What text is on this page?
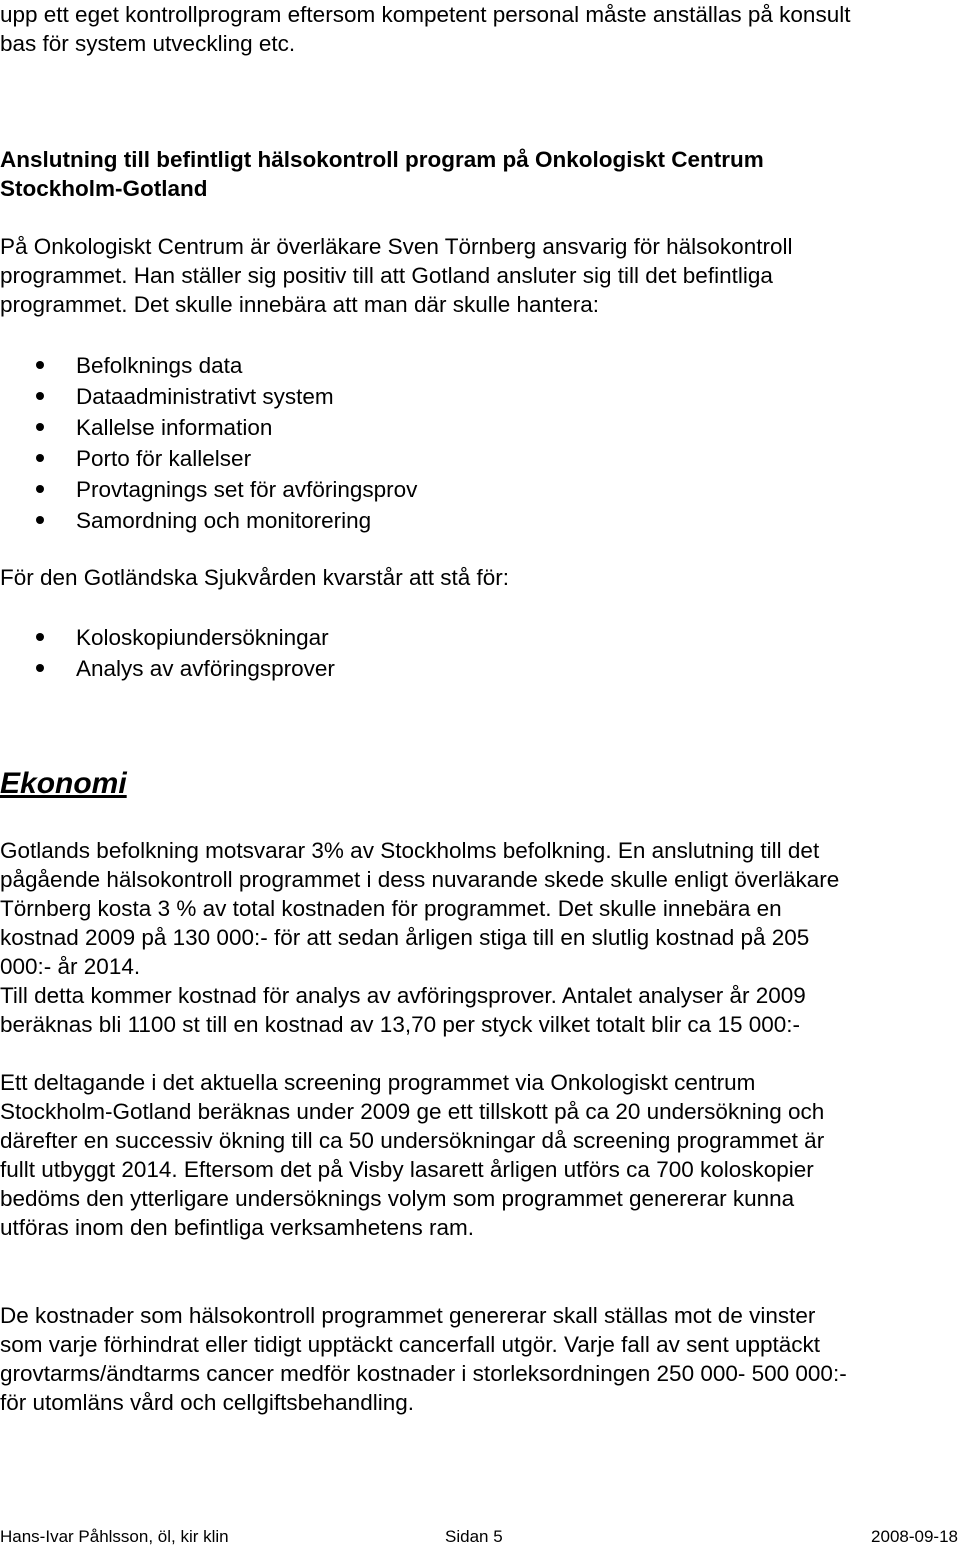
upp ett eget kontrollprogram eftersom kompetent personal måste anställas på konsult
bas för system utveckling etc.
Anslutning till befintligt hälsokontroll program på Onkologiskt Centrum
Stockholm-Gotland
På Onkologiskt Centrum är överläkare Sven Törnberg ansvarig för hälsokontroll
programmet. Han ställer sig positiv till att Gotland ansluter sig till det befintliga
programmet. Det skulle innebära att man där skulle hantera:
Befolknings data
Dataadministrativt system
Kallelse information
Porto för kallelser
Provtagnings set för avföringsprov
Samordning och monitorering
För den Gotländska Sjukvården kvarstår att stå för:
Koloskopiundersökningar
Analys av avföringsprover
Ekonomi
Gotlands befolkning motsvarar 3% av Stockholms befolkning. En anslutning till det
pågående hälsokontroll programmet i dess nuvarande skede skulle enligt överläkare
Törnberg kosta 3 % av total kostnaden för programmet. Det skulle innebära en
kostnad 2009 på 130 000:- för att sedan årligen stiga till en slutlig kostnad på 205
000:- år 2014.
Till detta kommer kostnad för analys av avföringsprover. Antalet analyser år 2009
beräknas bli 1100 st till en kostnad av 13,70 per styck vilket totalt blir ca 15 000:-
Ett deltagande i det aktuella screening programmet via Onkologiskt centrum
Stockholm-Gotland beräknas under 2009 ge ett tillskott på ca 20 undersökning och
därefter en successiv ökning till ca 50 undersökningar då screening programmet är
fullt utbyggt 2014. Eftersom det på Visby lasarett årligen utförs ca 700 koloskopier
bedöms den ytterligare undersöknings volym som programmet genererar kunna
utföras inom den befintliga verksamhetens ram.
De kostnader som hälsokontroll programmet genererar skall ställas mot de vinster
som varje förhindrat eller tidigt upptäckt cancerfall utgör. Varje fall av sent upptäckt
grovtarms/ändtarms cancer medför kostnader i storleksordningen 250 000- 500 000:-
för utomläns vård och cellgiftsbehandling.
Hans-Ivar Påhlsson, öl, kir klin	Sidan 5	2008-09-18
